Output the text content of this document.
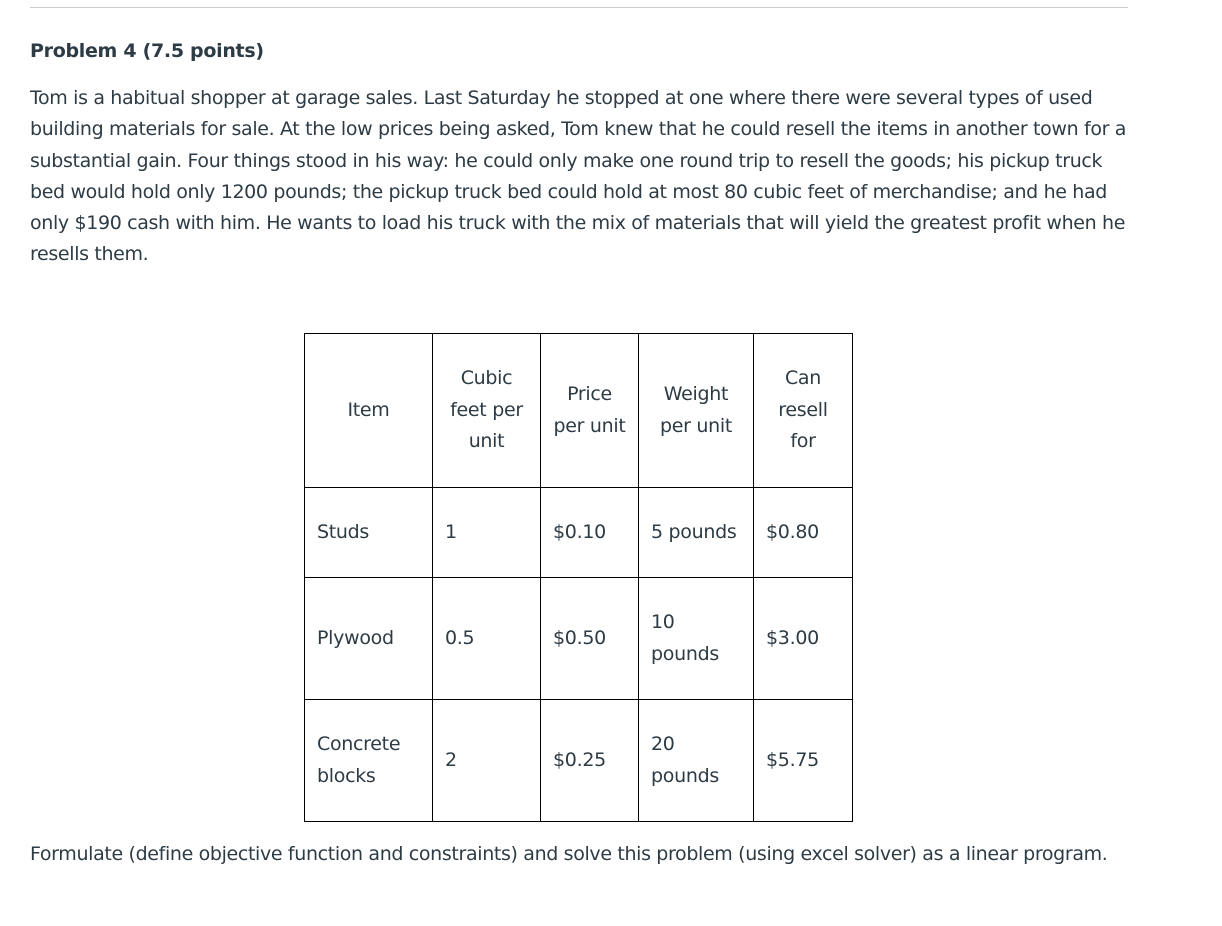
Problem 4 (7.5 points)

Tom is a habitual shopper at garage sales. Last Saturday he stopped at one where there were several types of used building materials for sale. At the low prices being asked, Tom knew that he could resell the items in another town for a substantial gain. Four things stood in his way: he could only make one round trip to resell the goods; his pickup truck bed would hold only 1200 pounds; the pickup truck bed could hold at most 80 cubic feet of merchandise; and he had only $190 cash with him. He wants to load his truck with the mix of materials that will yield the greatest profit when he resells them.

Item	Cubic feet per unit	Price per unit	Weight per unit	Can resell for
Studs	1	$0.10	5 pounds	$0.80
Plywood	0.5	$0.50	10 pounds	$3.00
Concrete blocks	2	$0.25	20 pounds	$5.75

Formulate (define objective function and constraints) and solve this problem (using excel solver) as a linear program.
